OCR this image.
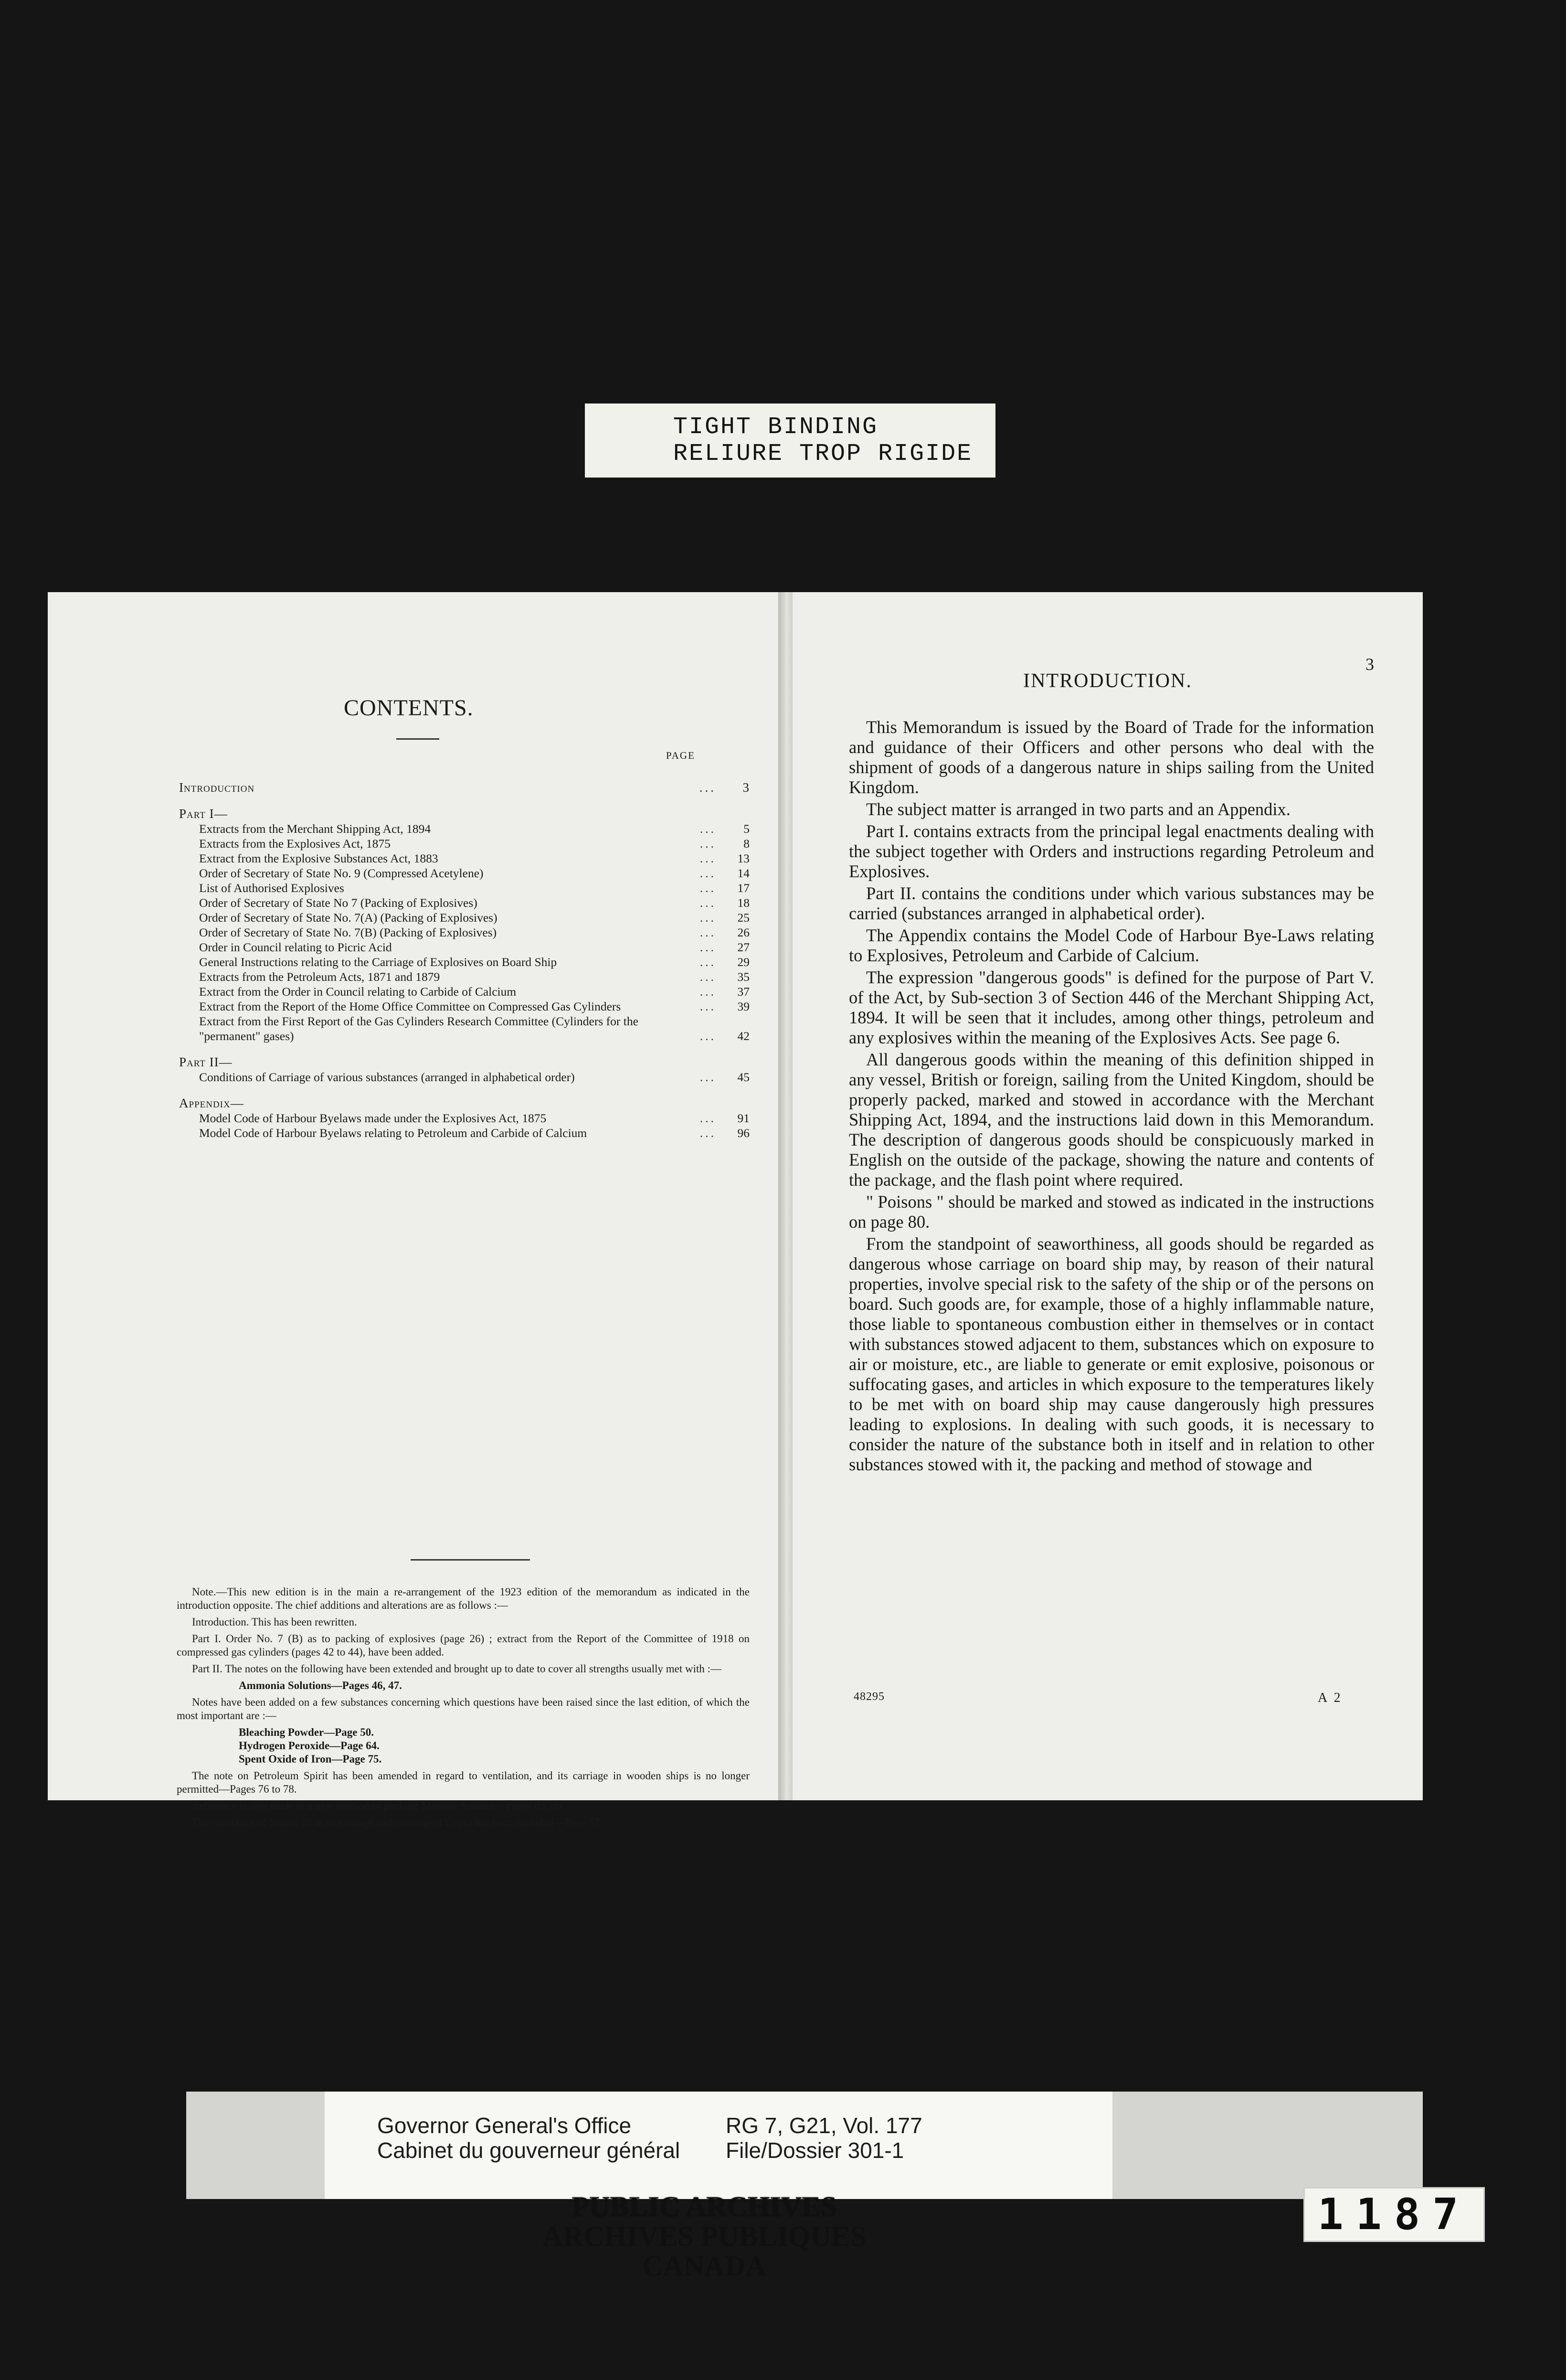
TIGHT BINDING
RELIURE TROP RIGIDE
CONTENTS.
PAGE
Introduction	...	3
Part I—
Extracts from the Merchant Shipping Act, 1894	...	5
Extracts from the Explosives Act, 1875	...	8
Extract from the Explosive Substances Act, 1883	...	13
Order of Secretary of State No. 9 (Compressed Acetylene)	...	14
List of Authorised Explosives	...	17
Order of Secretary of State No 7 (Packing of Explosives)	...	18
Order of Secretary of State No. 7(A) (Packing of Explosives)	...	25
Order of Secretary of State No. 7(B) (Packing of Explosives)	...	26
Order in Council relating to Picric Acid	...	27
General Instructions relating to the Carriage of Explosives on Board Ship	...	29
Extracts from the Petroleum Acts, 1871 and 1879	...	35
Extract from the Order in Council relating to Carbide of Calcium	...	37
Extract from the Report of the Home Office Committee on Compressed Gas Cylinders	...	39
Extract from the First Report of the Gas Cylinders Research Committee (Cylinders for the "permanent" gases)	...	42
Part II—
Conditions of Carriage of various substances (arranged in alphabetical order)	...	45
Appendix—
Model Code of Harbour Byelaws made under the Explosives Act, 1875	...	91
Model Code of Harbour Byelaws relating to Petroleum and Carbide of Calcium	...	96

Note.—This new edition is in the main a re-arrangement of the 1923 edition of the memorandum as indicated in the introduction opposite. The chief additions and alterations are as follows :—

Introduction. This has been rewritten.

Part I. Order No. 7 (B) as to packing of explosives (page 26) ; extract from the Report of the Committee of 1918 on compressed gas cylinders (pages 42 to 44), have been added.

Part II. The notes on the following have been extended and brought up to date to cover all strengths usually met with :—

Ammonia Solutions—Pages 46, 47.

Notes have been added on a few substances concerning which questions have been raised since the last edition, of which the most important are :—

Bleaching Powder—Page 50.

Hydrogen Peroxide—Page 64.

Spent Oxide of Iron—Page 75.

The note on Petroleum Spirit has been amended in regard to ventilation, and its carriage in wooden ships is no longer permitted—Pages 76 to 78.

Reference is also made to a new method of packing Metallic Sodium—Pages 85, 86.

The substance of Notice 28 as to carriage and stowage of Copra has been included—Page 57.

3
INTRODUCTION.

This Memorandum is issued by the Board of Trade for the information and guidance of their Officers and other persons who deal with the shipment of goods of a dangerous nature in ships sailing from the United Kingdom.

The subject matter is arranged in two parts and an Appendix.

Part I. contains extracts from the principal legal enactments dealing with the subject together with Orders and instructions regarding Petroleum and Explosives.

Part II. contains the conditions under which various substances may be carried (substances arranged in alphabetical order).

The Appendix contains the Model Code of Harbour Bye-Laws relating to Explosives, Petroleum and Carbide of Calcium.

The expression "dangerous goods" is defined for the purpose of Part V. of the Act, by Sub-section 3 of Section 446 of the Merchant Shipping Act, 1894. It will be seen that it includes, among other things, petroleum and any explosives within the meaning of the Explosives Acts. See page 6.

All dangerous goods within the meaning of this definition shipped in any vessel, British or foreign, sailing from the United Kingdom, should be properly packed, marked and stowed in accordance with the Merchant Shipping Act, 1894, and the instructions laid down in this Memorandum. The description of dangerous goods should be conspicuously marked in English on the outside of the package, showing the nature and contents of the package, and the flash point where required.

" Poisons " should be marked and stowed as indicated in the instructions on page 80.

From the standpoint of seaworthiness, all goods should be regarded as dangerous whose carriage on board ship may, by reason of their natural properties, involve special risk to the safety of the ship or of the persons on board. Such goods are, for example, those of a highly inflammable nature, those liable to spontaneous combustion either in themselves or in contact with substances stowed adjacent to them, substances which on exposure to air or moisture, etc., are liable to generate or emit explosive, poisonous or suffocating gases, and articles in which exposure to the temperatures likely to be met with on board ship may cause dangerously high pressures leading to explosions. In dealing with such goods, it is necessary to consider the nature of the substance both in itself and in relation to other substances stowed with it, the packing and method of stowage and

48295	A 2
Governor General's Office
Cabinet du gouverneur général
RG 7, G21, Vol. 177
File/Dossier 301-1
PUBLIC ARCHIVES
ARCHIVES PUBLIQUES
CANADA
1187
